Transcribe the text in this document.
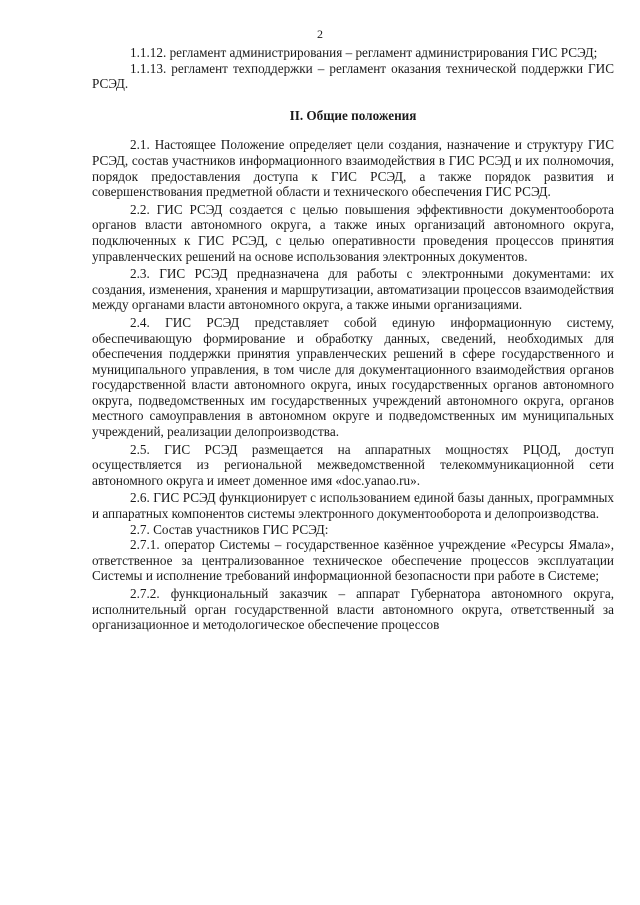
2

1.1.12. регламент администрирования – регламент администрирования ГИС РСЭД;

1.1.13. регламент техподдержки – регламент оказания технической поддержки ГИС РСЭД.

II. Общие положения

2.1. Настоящее Положение определяет цели создания, назначение и структуру ГИС РСЭД, состав участников информационного взаимодействия в ГИС РСЭД и их полномочия, порядок предоставления доступа к ГИС РСЭД, а также порядок развития и совершенствования предметной области и технического обеспечения ГИС РСЭД.

2.2. ГИС РСЭД создается с целью повышения эффективности документооборота органов власти автономного округа, а также иных организаций автономного округа, подключенных к ГИС РСЭД, с целью оперативности проведения процессов принятия управленческих решений на основе использования электронных документов.

2.3. ГИС РСЭД предназначена для работы с электронными документами: их создания, изменения, хранения и маршрутизации, автоматизации процессов взаимодействия между органами власти автономного округа, а также иными организациями.

2.4. ГИС РСЭД представляет собой единую информационную систему, обеспечивающую формирование и обработку данных, сведений, необходимых для обеспечения поддержки принятия управленческих решений в сфере государственного и муниципального управления, в том числе для документационного взаимодействия органов государственной власти автономного округа, иных государственных органов автономного округа, подведомственных им государственных учреждений автономного округа, органов местного самоуправления в автономном округе и подведомственных им муниципальных учреждений, реализации делопроизводства.

2.5. ГИС РСЭД размещается на аппаратных мощностях РЦОД, доступ осуществляется из региональной межведомственной телекоммуникационной сети автономного округа и имеет доменное имя «doc.yanao.ru».

2.6. ГИС РСЭД функционирует с использованием единой базы данных, программных и аппаратных компонентов системы электронного документооборота и делопроизводства.

2.7. Состав участников ГИС РСЭД:

2.7.1. оператор Системы – государственное казённое учреждение «Ресурсы Ямала», ответственное за централизованное техническое обеспечение процессов эксплуатации Системы и исполнение требований информационной безопасности при работе в Системе;

2.7.2. функциональный заказчик – аппарат Губернатора автономного округа, исполнительный орган государственной власти автономного округа, ответственный за организационное и методологическое обеспечение процессов
